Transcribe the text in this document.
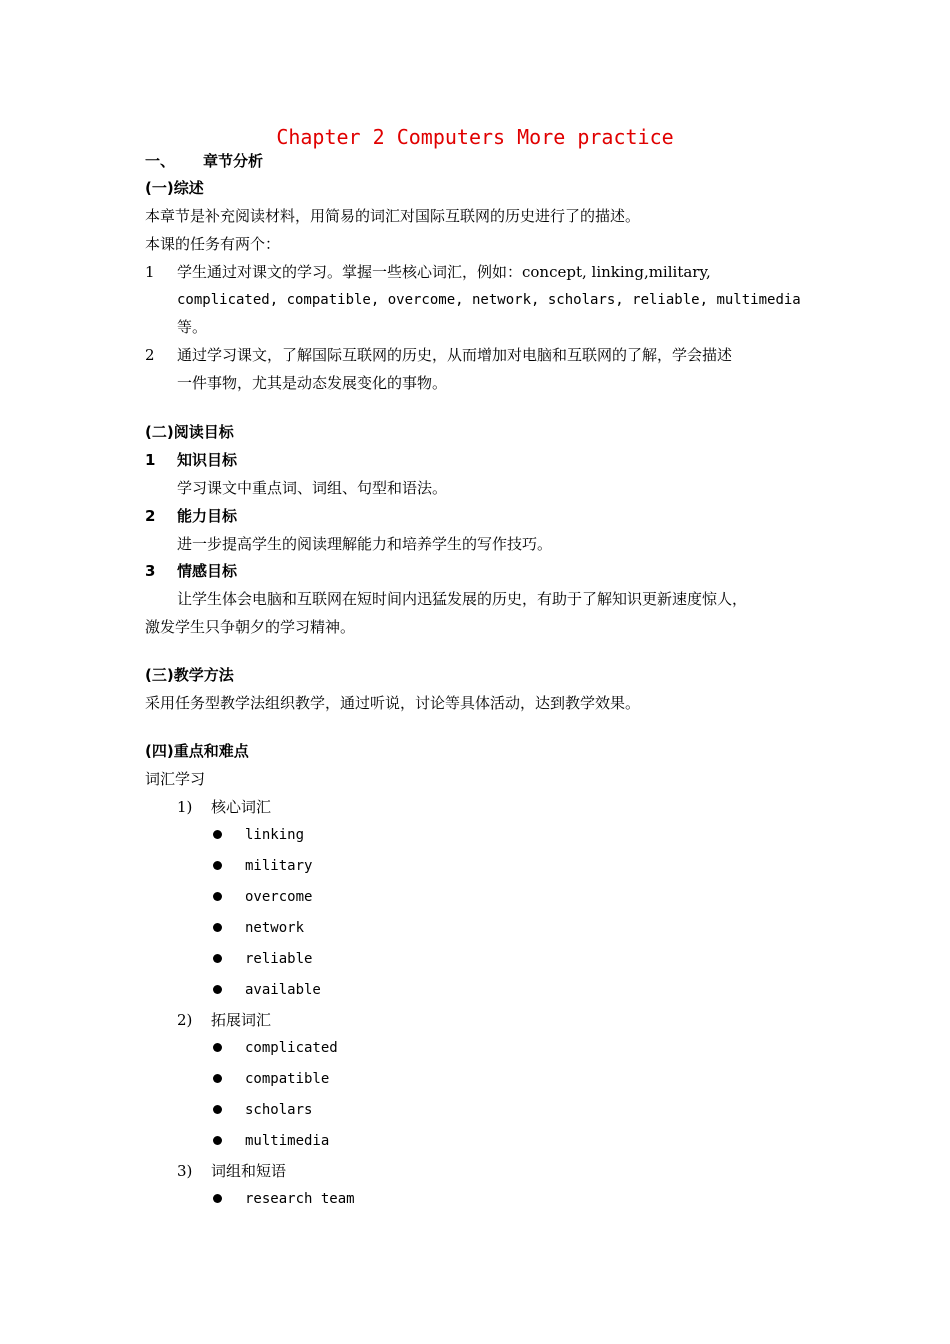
Chapter 2 Computers More practice
一、 章节分析
(一)综述
本章节是补充阅读材料，用简易的词汇对国际互联网的历史进行了的描述。
本课的任务有两个：
1 学生通过对课文的学习。掌握一些核心词汇，例如：concept, linking,military,
complicated, compatible, overcome, network, scholars, reliable, multimedia
等。
2 通过学习课文，了解国际互联网的历史，从而增加对电脑和互联网的了解，学会描述
一件事物，尤其是动态发展变化的事物。
(二)阅读目标
1 知识目标
学习课文中重点词、词组、句型和语法。
2 能力目标
进一步提高学生的阅读理解能力和培养学生的写作技巧。
3 情感目标
让学生体会电脑和互联网在短时间内迅猛发展的历史，有助于了解知识更新速度惊人，
激发学生只争朝夕的学习精神。
(三)教学方法
采用任务型教学法组织教学，通过听说，讨论等具体活动，达到教学效果。
(四)重点和难点
词汇学习
1) 核心词汇
linking
military
overcome
network
reliable
available
2) 拓展词汇
complicated
compatible
scholars
multimedia
3) 词组和短语
research team
